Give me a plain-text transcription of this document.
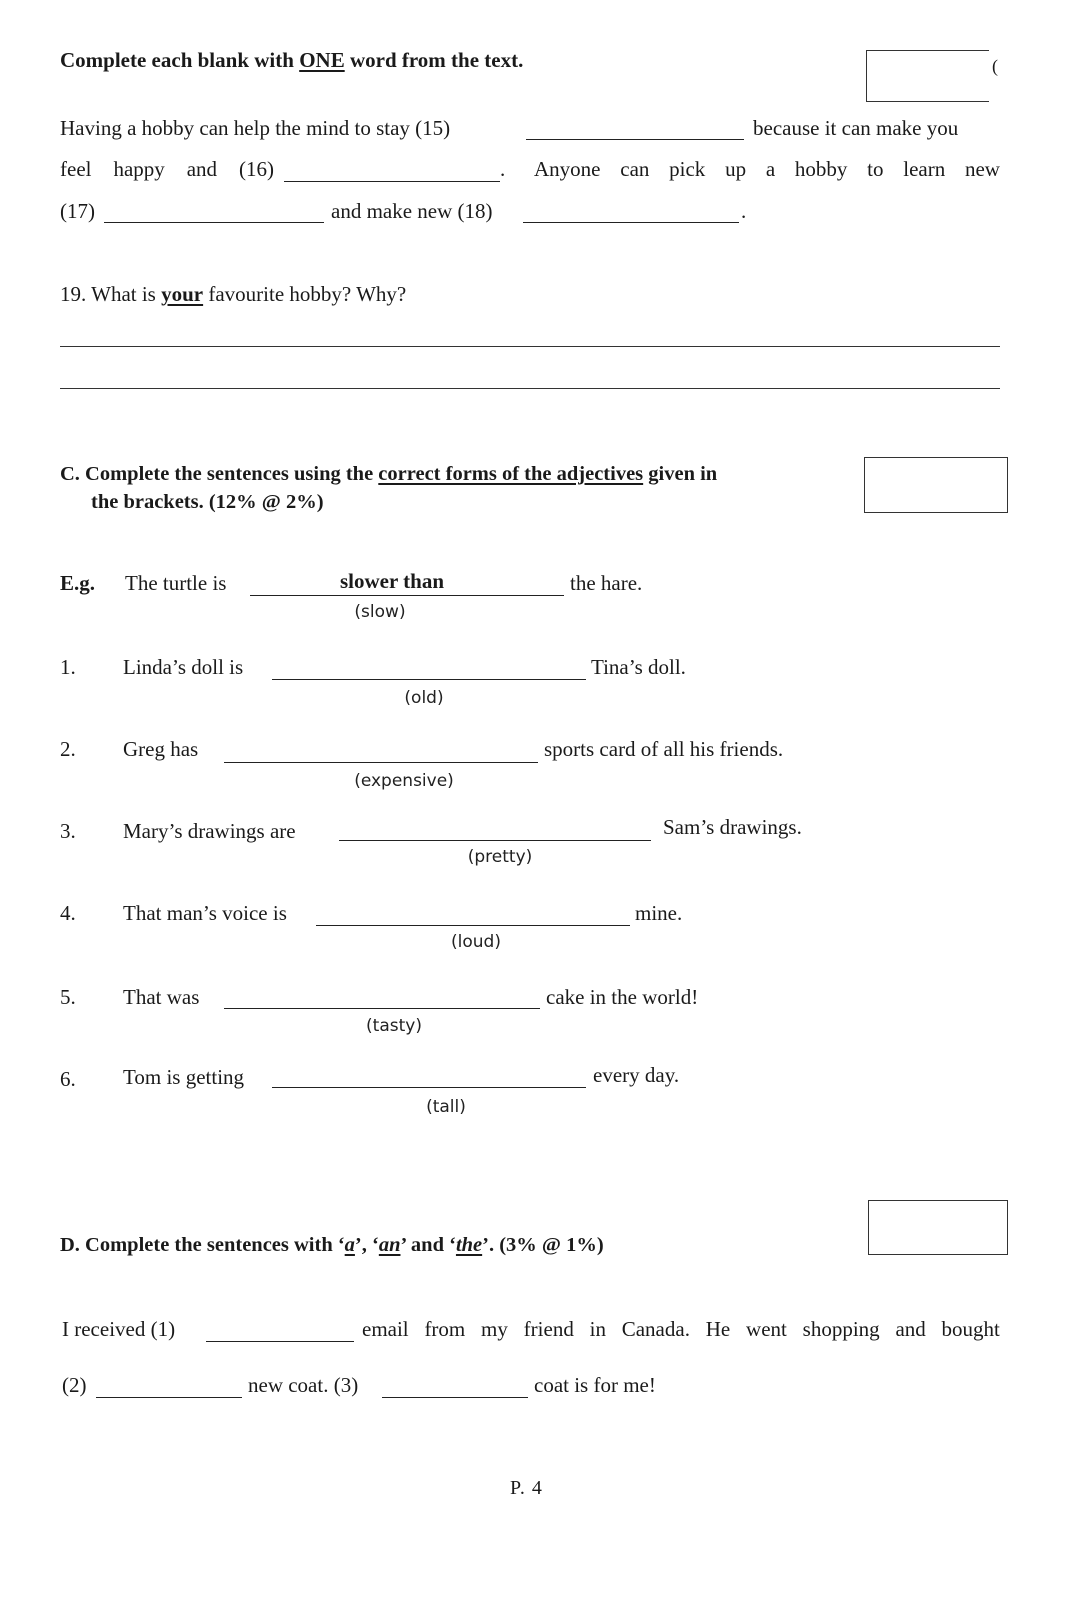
Complete each blank with ONE word from the text.	(
Having a hobby can help the mind to stay (15)	because it can make you
feel happy and (16)	. Anyone can pick up a hobby to learn new
(17)	and make new (18)	.
19. What is your favourite hobby? Why?
C. Complete the sentences using the correct forms of the adjectives given in
the brackets. (12% @ 2%)
E.g. The turtle is	slower than	the hare.
(slow)
1. Linda’s doll is	Tina’s doll.
(old)
2. Greg has	sports card of all his friends.
(expensive)
3. Mary’s drawings are	Sam’s drawings.
(pretty)
4. That man’s voice is	mine.
(loud)
5. That was	cake in the world!
(tasty)
6. Tom is getting	every day.
(tall)
D. Complete the sentences with ‘a’, ‘an’ and ‘the’. (3% @ 1%)
I received (1)	email from my friend in Canada. He went shopping and bought
(2)	new coat. (3)	coat is for me!
P. 4
